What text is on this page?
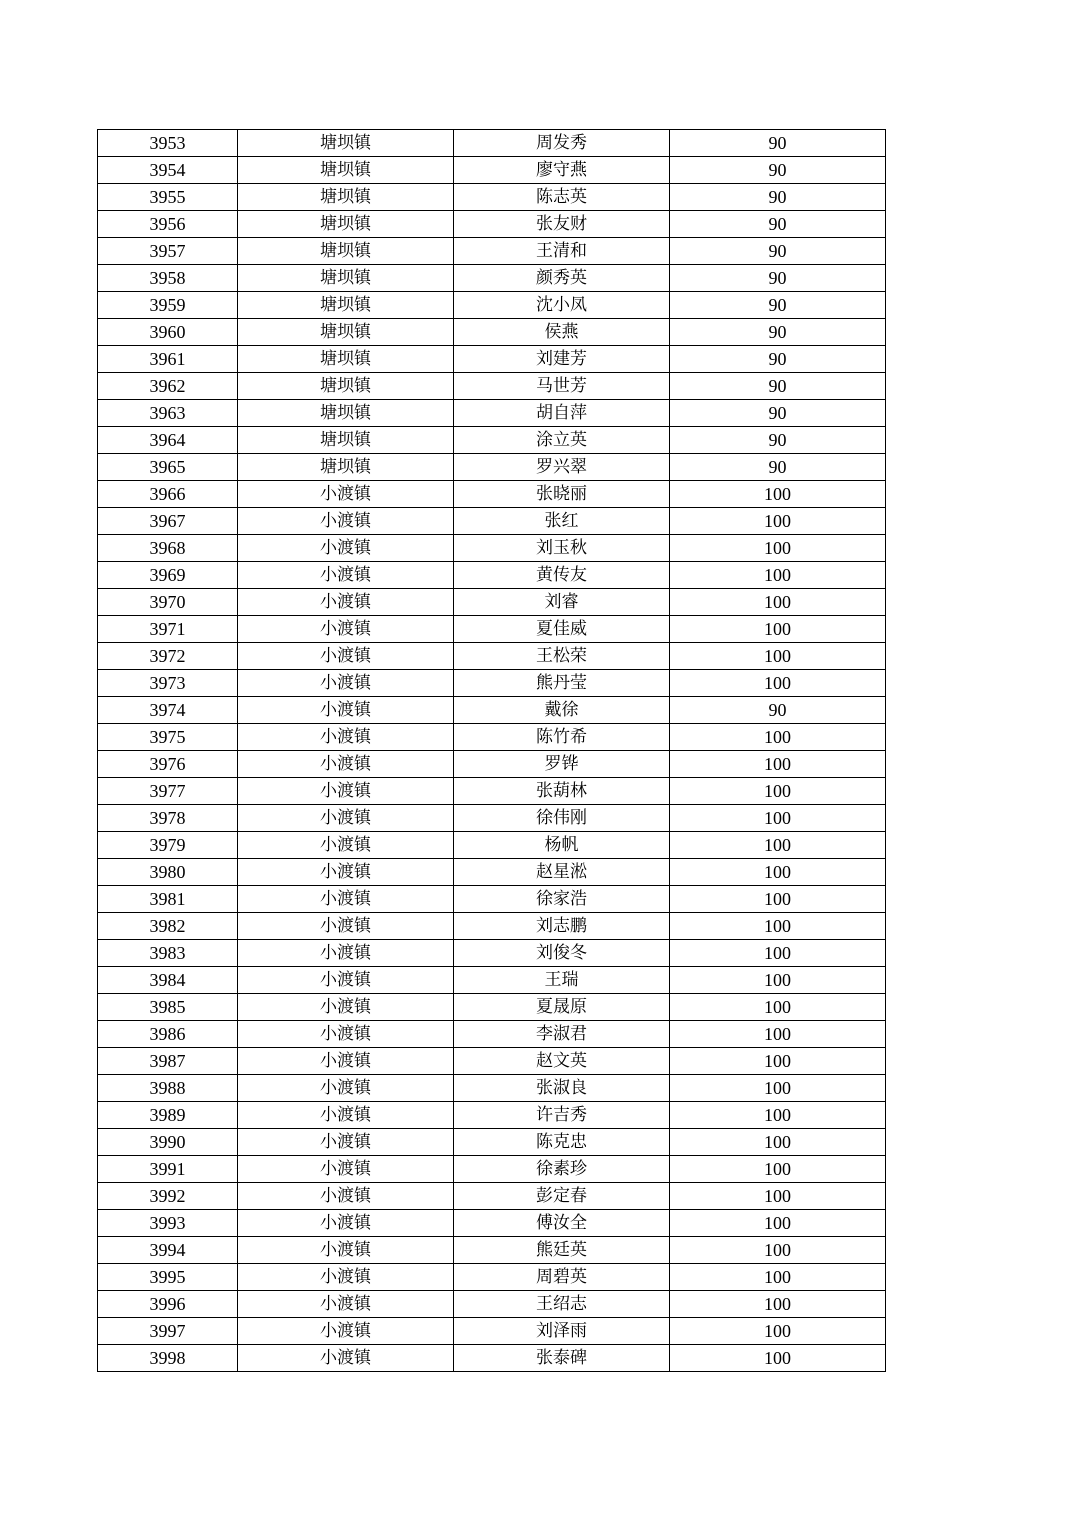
3953	塘坝镇	周发秀	90
3954	塘坝镇	廖守燕	90
3955	塘坝镇	陈志英	90
3956	塘坝镇	张友财	90
3957	塘坝镇	王清和	90
3958	塘坝镇	颜秀英	90
3959	塘坝镇	沈小凤	90
3960	塘坝镇	侯燕	90
3961	塘坝镇	刘建芳	90
3962	塘坝镇	马世芳	90
3963	塘坝镇	胡自萍	90
3964	塘坝镇	涂立英	90
3965	塘坝镇	罗兴翠	90
3966	小渡镇	张晓丽	100
3967	小渡镇	张红	100
3968	小渡镇	刘玉秋	100
3969	小渡镇	黄传友	100
3970	小渡镇	刘睿	100
3971	小渡镇	夏佳威	100
3972	小渡镇	王松荣	100
3973	小渡镇	熊丹莹	100
3974	小渡镇	戴徐	90
3975	小渡镇	陈竹希	100
3976	小渡镇	罗铧	100
3977	小渡镇	张葫林	100
3978	小渡镇	徐伟刚	100
3979	小渡镇	杨帆	100
3980	小渡镇	赵星淞	100
3981	小渡镇	徐家浩	100
3982	小渡镇	刘志鹏	100
3983	小渡镇	刘俊冬	100
3984	小渡镇	王瑞	100
3985	小渡镇	夏晟原	100
3986	小渡镇	李淑君	100
3987	小渡镇	赵文英	100
3988	小渡镇	张淑良	100
3989	小渡镇	许吉秀	100
3990	小渡镇	陈克忠	100
3991	小渡镇	徐素珍	100
3992	小渡镇	彭定春	100
3993	小渡镇	傅汝全	100
3994	小渡镇	熊廷英	100
3995	小渡镇	周碧英	100
3996	小渡镇	王绍志	100
3997	小渡镇	刘泽雨	100
3998	小渡镇	张泰碑	100
